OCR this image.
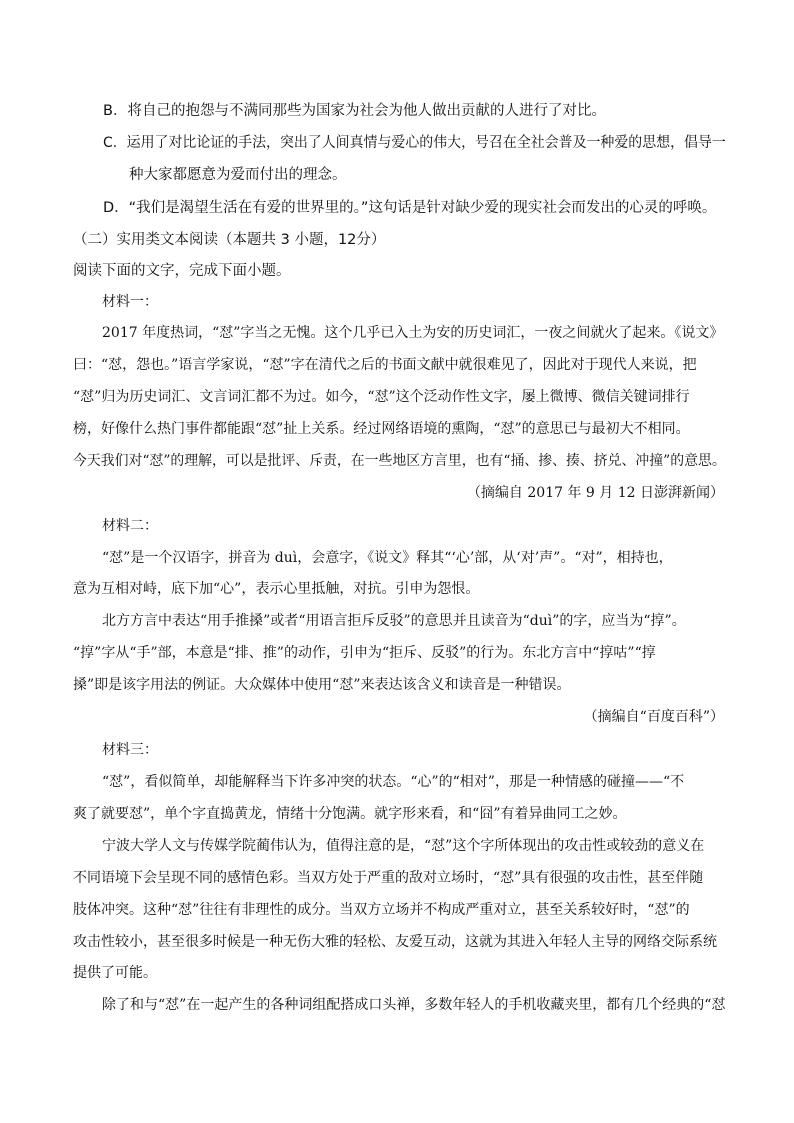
B．将自己的抱怨与不满同那些为国家为社会为他人做出贡献的人进行了对比。
C．运用了对比论证的手法，突出了人间真情与爱心的伟大，号召在全社会普及一种爱的思想，倡导一
种大家都愿意为爱而付出的理念。
D．“我们是渴望生活在有爱的世界里的。”这句话是针对缺少爱的现实社会而发出的心灵的呼唤。
（二）实用类文本阅读（本题共 3 小题，12分）
阅读下面的文字，完成下面小题。
材料一：
2017 年度热词，“怼”字当之无愧。这个几乎已入土为安的历史词汇，一夜之间就火了起来。《说文》
曰：“怼，怨也。”语言学家说，“怼”字在清代之后的书面文献中就很难见了，因此对于现代人来说，把
“怼”归为历史词汇、文言词汇都不为过。如今，“怼”这个泛动作性文字，屡上微博、微信关键词排行
榜，好像什么热门事件都能跟“怼”扯上关系。经过网络语境的熏陶，“怼”的意思已与最初大不相同。
今天我们对“怼”的理解，可以是批评、斥责，在一些地区方言里，也有“捅、掺、揍、挤兑、冲撞”的意思。
（摘编自 2017 年 9 月 12 日澎湃新闻）
材料二：
“怼”是一个汉语字，拼音为 duì，会意字，《说文》释其“‘心’部，从‘对’声”。“对”，相持也，
意为互相对峙，底下加“心”，表示心里抵触，对抗。引申为怨恨。
北方方言中表达“用手推搡”或者“用语言拒斥反驳”的意思并且读音为“duì”的字，应当为“㨃”。
“㨃”字从“手”部，本意是“排、推”的动作，引申为“拒斥、反驳”的行为。东北方言中“㨃咕”“㨃
搡”即是该字用法的例证。大众媒体中使用“怼”来表达该含义和读音是一种错误。
（摘编自“百度百科”）
材料三：
“怼”，看似简单，却能解释当下许多冲突的状态。“心”的“相对”，那是一种情感的碰撞——“不
爽了就要怼”，单个字直捣黄龙，情绪十分饱满。就字形来看，和“囧”有着异曲同工之妙。
宁波大学人文与传媒学院蔺伟认为，值得注意的是，“怼”这个字所体现出的攻击性或较劲的意义在
不同语境下会呈现不同的感情色彩。当双方处于严重的敌对立场时，“怼”具有很强的攻击性，甚至伴随
肢体冲突。这种“怼”往往有非理性的成分。当双方立场并不构成严重对立，甚至关系较好时，“怼”的
攻击性较小，甚至很多时候是一种无伤大雅的轻松、友爱互动，这就为其进入年轻人主导的网络交际系统
提供了可能。
除了和与“怼”在一起产生的各种词组配搭成口头禅，多数年轻人的手机收藏夹里，都有几个经典的“怼
